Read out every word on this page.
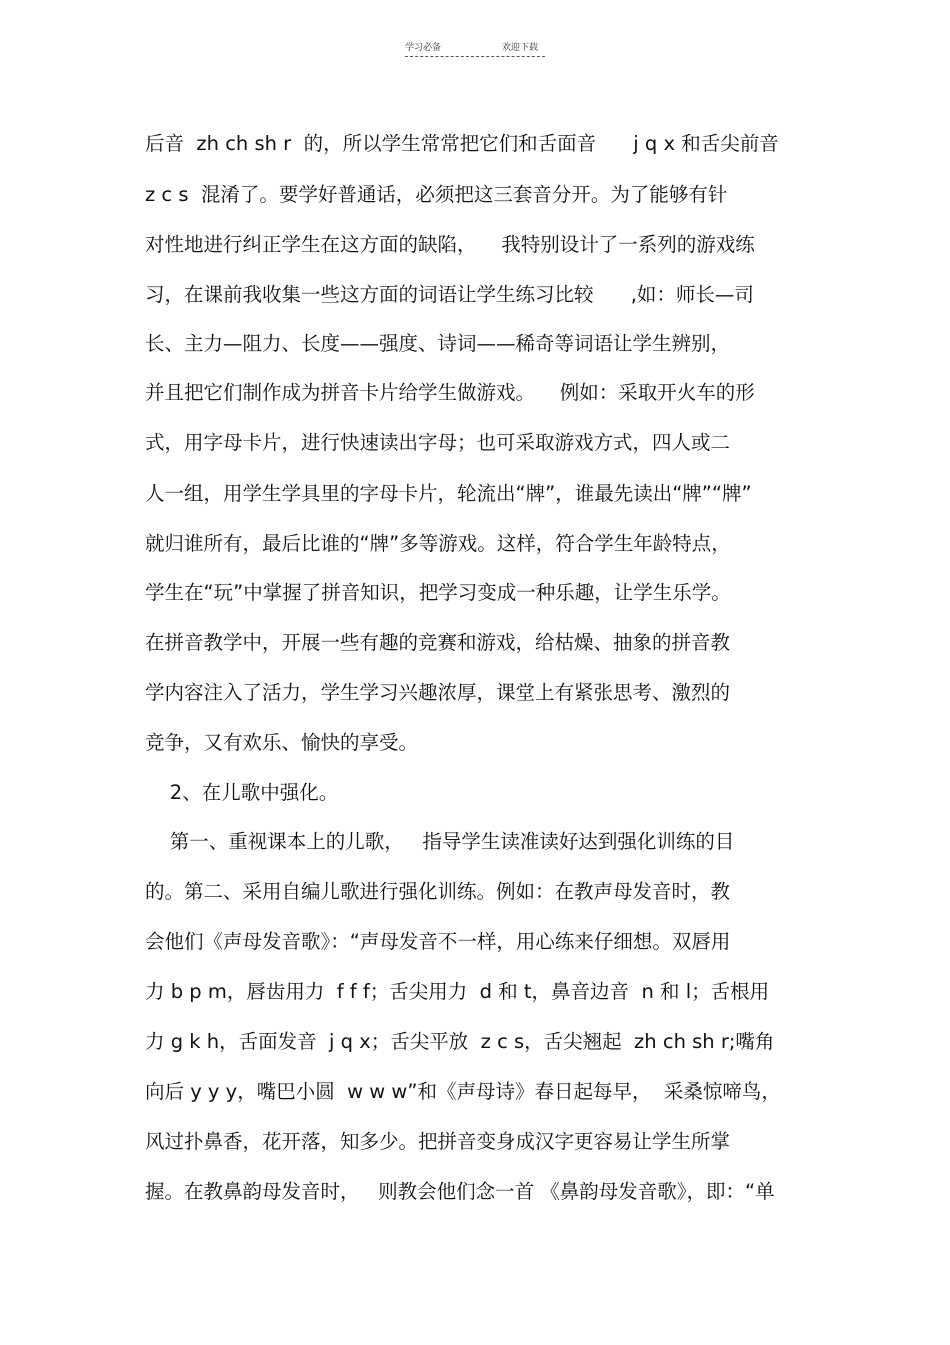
学习必备	欢迎下载
后音  zh ch sh r  的，所以学生常常把它们和舌面音      j q x 和舌尖前音
z c s  混淆了。要学好普通话，必须把这三套音分开。为了能够有针
对性地进行纠正学生在这方面的缺陷，    我特别设计了一系列的游戏练
习，在课前我收集一些这方面的词语让学生练习比较      ,如：师长—司
长、主力—阻力、长度——强度、诗词——稀奇等词语让学生辨别，
并且把它们制作成为拼音卡片给学生做游戏。    例如：采取开火车的形
式，用字母卡片，进行快速读出字母；也可采取游戏方式，四人或二
人一组，用学生学具里的字母卡片，轮流出“牌”，谁最先读出“牌”“牌”
就归谁所有，最后比谁的“牌”多等游戏。这样，符合学生年龄特点，
学生在“玩”中掌握了拼音知识，把学习变成一种乐趣，让学生乐学。
在拼音教学中，开展一些有趣的竞赛和游戏，给枯燥、抽象的拼音教
学内容注入了活力，学生学习兴趣浓厚，课堂上有紧张思考、激烈的
竞争，又有欢乐、愉快的享受。
2、在儿歌中强化。
第一、重视课本上的儿歌，   指导学生读准读好达到强化训练的目
的。第二、采用自编儿歌进行强化训练。例如：在教声母发音时，教
会他们《声母发音歌》：“声母发音不一样，用心练来仔细想。双唇用
力 b p m，唇齿用力  f f f；舌尖用力  d 和 t，鼻音边音  n 和 l；舌根用
力 g k h，舌面发音  j q x；舌尖平放  z c s，舌尖翘起  zh ch sh r;嘴角
向后 y y y，嘴巴小圆  w w w”和《声母诗》春日起每早，  采桑惊啼鸟，
风过扑鼻香，花开落，知多少。把拼音变身成汉字更容易让学生所掌
握。在教鼻韵母发音时，   则教会他们念一首 《鼻韵母发音歌》，即：“单
